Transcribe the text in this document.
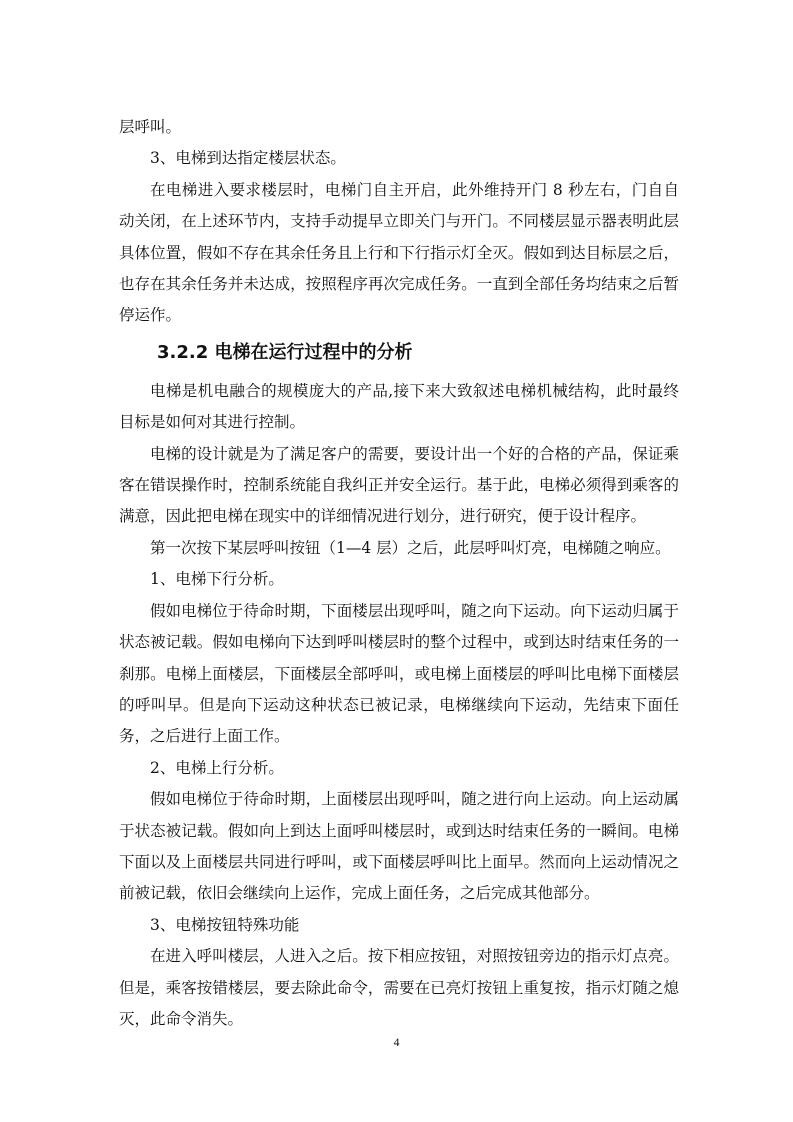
层呼叫。

3、电梯到达指定楼层状态。

在电梯进入要求楼层时，电梯门自主开启，此外维持开门 8 秒左右，门自自动关闭，在上述环节内，支持手动提早立即关门与开门。不同楼层显示器表明此层具体位置，假如不存在其余任务且上行和下行指示灯全灭。假如到达目标层之后，也存在其余任务并未达成，按照程序再次完成任务。一直到全部任务均结束之后暂停运作。

3.2.2 电梯在运行过程中的分析

电梯是机电融合的规模庞大的产品,接下来大致叙述电梯机械结构，此时最终目标是如何对其进行控制。

电梯的设计就是为了满足客户的需要，要设计出一个好的合格的产品，保证乘客在错误操作时，控制系统能自我纠正并安全运行。基于此，电梯必须得到乘客的满意，因此把电梯在现实中的详细情况进行划分，进行研究，便于设计程序。

第一次按下某层呼叫按钮（1—4 层）之后，此层呼叫灯亮，电梯随之响应。

1、电梯下行分析。

假如电梯位于待命时期，下面楼层出现呼叫，随之向下运动。向下运动归属于状态被记载。假如电梯向下达到呼叫楼层时的整个过程中，或到达时结束任务的一刹那。电梯上面楼层，下面楼层全部呼叫，或电梯上面楼层的呼叫比电梯下面楼层的呼叫早。但是向下运动这种状态已被记录，电梯继续向下运动，先结束下面任务，之后进行上面工作。

2、电梯上行分析。

假如电梯位于待命时期，上面楼层出现呼叫，随之进行向上运动。向上运动属于状态被记载。假如向上到达上面呼叫楼层时，或到达时结束任务的一瞬间。电梯下面以及上面楼层共同进行呼叫，或下面楼层呼叫比上面早。然而向上运动情况之前被记载，依旧会继续向上运作，完成上面任务，之后完成其他部分。

3、电梯按钮特殊功能

在进入呼叫楼层，人进入之后。按下相应按钮，对照按钮旁边的指示灯点亮。但是，乘客按错楼层，要去除此命令，需要在已亮灯按钮上重复按，指示灯随之熄灭，此命令消失。

4
